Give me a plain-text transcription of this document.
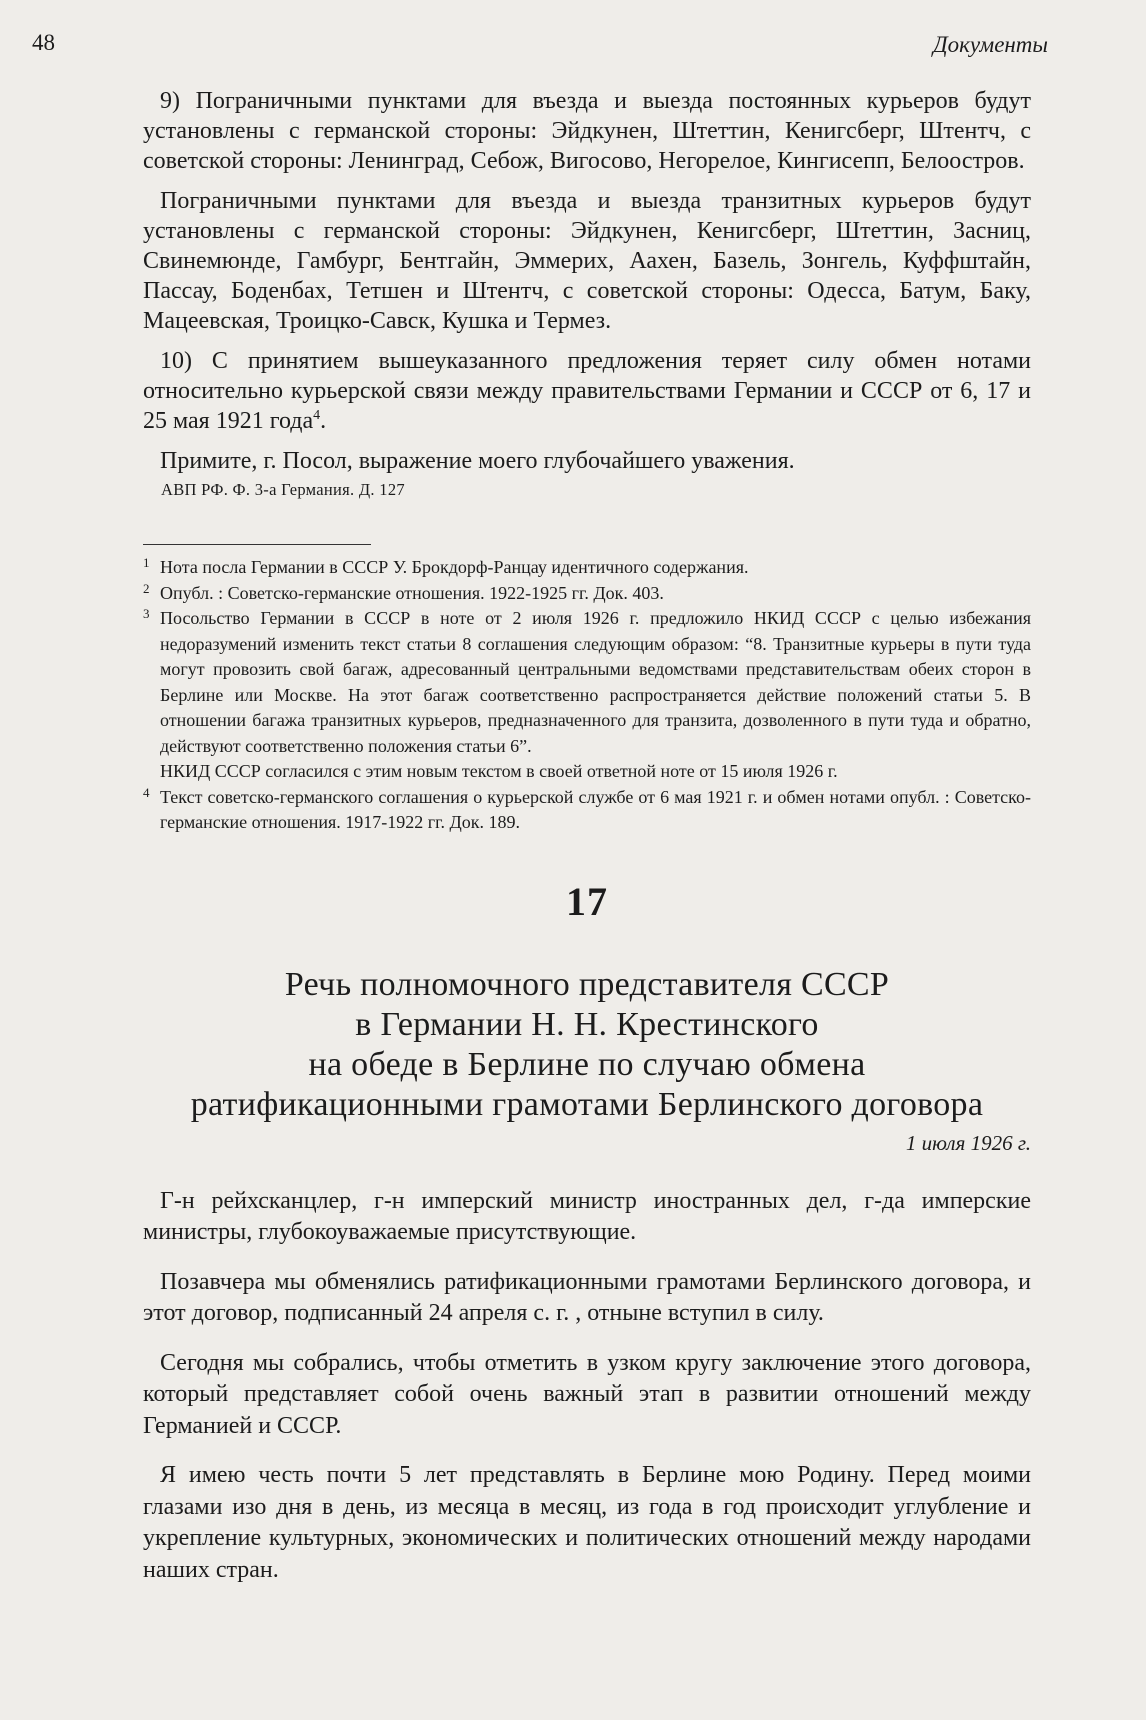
48	Документы

9) Пограничными пунктами для въезда и выезда постоянных курьеров будут установлены с германской стороны: Эйдкунен, Штеттин, Кенигсберг, Штентч, с советской стороны: Ленинград, Себож, Вигосово, Негорелое, Кингисепп, Белоостров.

Пограничными пунктами для въезда и выезда транзитных курьеров будут установлены с германской стороны: Эйдкунен, Кенигсберг, Штеттин, Засниц, Свинемюнде, Гамбург, Бентгайн, Эммерих, Аахен, Базель, Зонгель, Куффштайн, Пассау, Боденбах, Тетшен и Штентч, с советской стороны: Одесса, Батум, Баку, Мацеевская, Троицко-Савск, Кушка и Термез.

10) С принятием вышеуказанного предложения теряет силу обмен нотами относительно курьерской связи между правительствами Германии и СССР от 6, 17 и 25 мая 1921 года$^4$.

Примите, г. Посол, выражение моего глубочайшего уважения.

АВП РФ. Ф. 3-а Германия. Д. 127

1 Нота посла Германии в СССР У. Брокдорф-Ранцау идентичного содержания.

2 Опубл. : Советско-германские отношения. 1922-1925 гг. Док. 403.

3 Посольство Германии в СССР в ноте от 2 июля 1926 г. предложило НКИД СССР с целью избежания недоразумений изменить текст статьи 8 соглашения следующим образом: “8. Транзитные курьеры в пути туда могут провозить свой багаж, адресованный центральными ведомствами представительствам обеих сторон в Берлине или Москве. На этот багаж соответственно распространяется действие положений статьи 5. В отношении багажа транзитных курьеров, предназначенного для транзита, дозволенного в пути туда и обратно, действуют соответственно положения статьи 6”.

НКИД СССР согласился с этим новым текстом в своей ответной ноте от 15 июля 1926 г.

4 Текст советско-германского соглашения о курьерской службе от 6 мая 1921 г. и обмен нотами опубл. : Советско-германские отношения. 1917-1922 гг. Док. 189.

17

Речь полномочного представителя СССР

в Германии Н. Н. Крестинского

на обеде в Берлине по случаю обмена

ратификационными грамотами Берлинского договора

1 июля 1926 г.

Г-н рейхсканцлер, г-н имперский министр иностранных дел, г-да имперские министры, глубокоуважаемые присутствующие.

Позавчера мы обменялись ратификационными грамотами Берлинского договора, и этот договор, подписанный 24 апреля с. г. , отныне вступил в силу.

Сегодня мы собрались, чтобы отметить в узком кругу заключение этого договора, который представляет собой очень важный этап в развитии отношений между Германией и СССР.

Я имею честь почти 5 лет представлять в Берлине мою Родину. Перед моими глазами изо дня в день, из месяца в месяц, из года в год происходит углубление и укрепление культурных, экономических и политических отношений между народами наших стран.
